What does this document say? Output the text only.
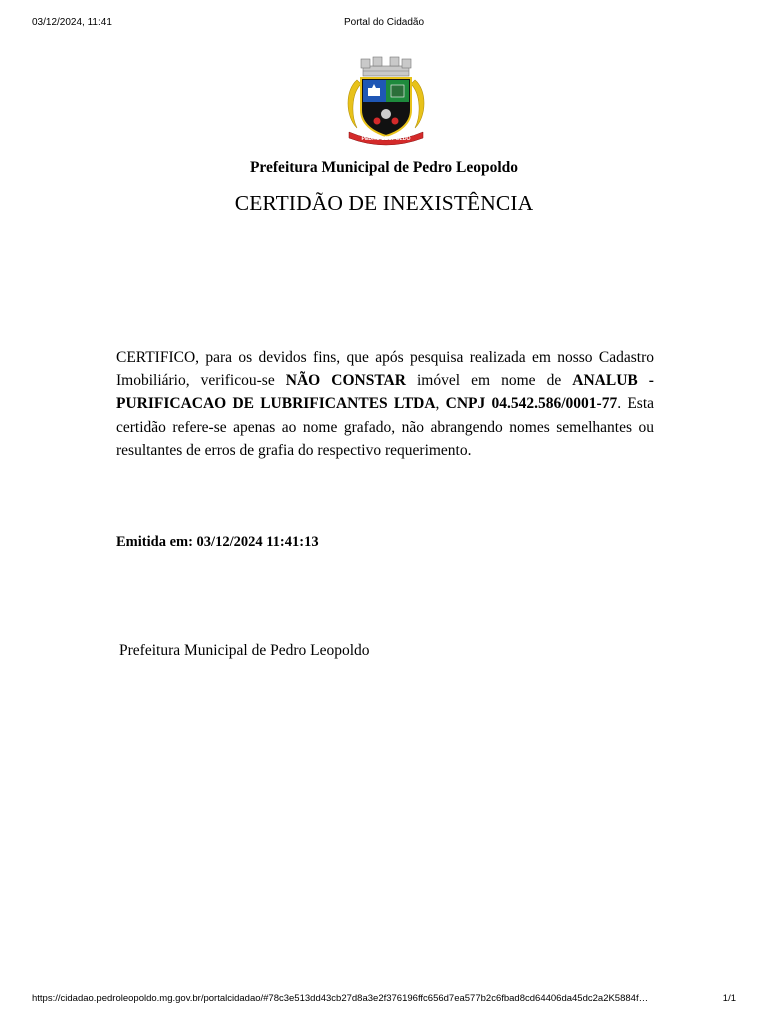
03/12/2024, 11:41	Portal do Cidadão
PEDRO LEOPOLDO
Prefeitura Municipal de Pedro Leopoldo
CERTIDÃO DE INEXISTÊNCIA
CERTIFICO, para os devidos fins, que após pesquisa realizada em nosso Cadastro Imobiliário, verificou-se NÃO CONSTAR imóvel em nome de ANALUB - PURIFICACAO DE LUBRIFICANTES LTDA, CNPJ 04.542.586/0001-77. Esta certidão refere-se apenas ao nome grafado, não abrangendo nomes semelhantes ou resultantes de erros de grafia do respectivo requerimento.
Emitida em: 03/12/2024 11:41:13
Prefeitura Municipal de Pedro Leopoldo
https://cidadao.pedroleopoldo.mg.gov.br/portalcidadao/#78c3e513dd43cb27d8a3e2f376196ffc656d7ea577b2c6fbad8cd6440‌6da45dc2a2K5884f…	1/1
